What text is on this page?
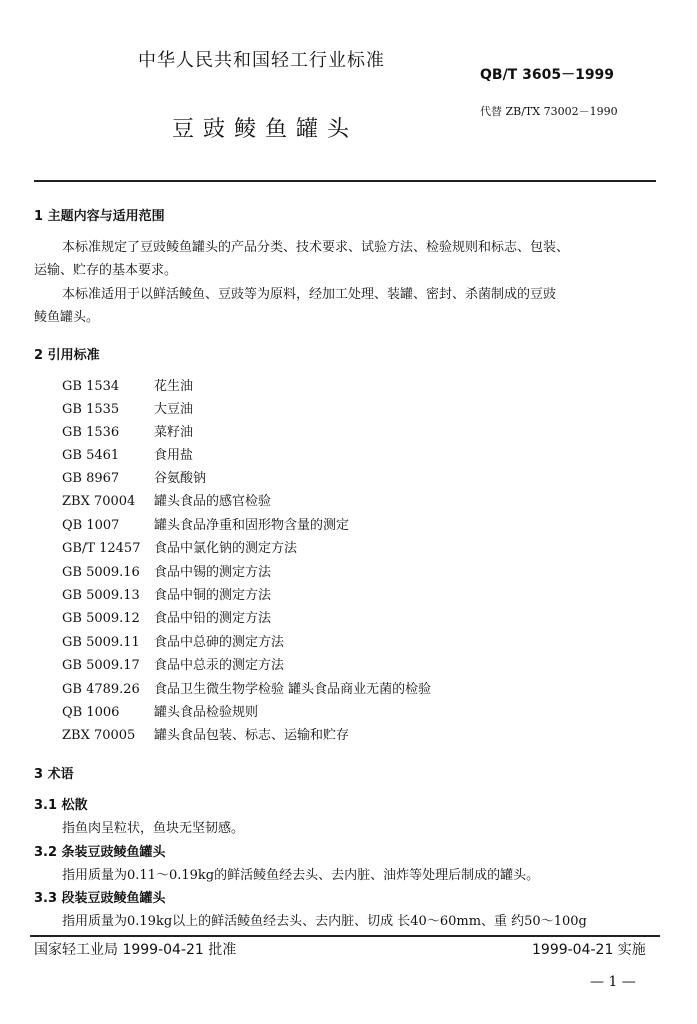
中华人民共和国轻工行业标准
QB/T 3605－1999
代替 ZB/TX 73002－1990
豆豉鲮鱼罐头
1 主题内容与适用范围
本标准规定了豆豉鲮鱼罐头的产品分类、技术要求、试验方法、检验规则和标志、包装、
运输、贮存的基本要求。
本标准适用于以鲜活鲮鱼、豆豉等为原料，经加工处理、装罐、密封、杀菌制成的豆豉
鲮鱼罐头。
2 引用标准
GB 1534	花生油
GB 1535	大豆油
GB 1536	菜籽油
GB 5461	食用盐
GB 8967	谷氨酸钠
ZBX 70004 罐头食品的感官检验
QB 1007	罐头食品净重和固形物含量的测定
GB/T 12457 食品中氯化钠的测定方法
GB 5009.16 食品中锡的测定方法
GB 5009.13 食品中铜的测定方法
GB 5009.12 食品中铅的测定方法
GB 5009.11 食品中总砷的测定方法
GB 5009.17 食品中总汞的测定方法
GB 4789.26 食品卫生微生物学检验 罐头食品商业无菌的检验
QB 1006	罐头食品检验规则
ZBX 70005 罐头食品包装、标志、运输和贮存
3 术语
3.1 松散
指鱼肉呈粒状，鱼块无坚韧感。
3.2 条装豆豉鲮鱼罐头
指用质量为0.11～0.19kg的鲜活鲮鱼经去头、去内脏、油炸等处理后制成的罐头。
3.3 段装豆豉鲮鱼罐头
指用质量为0.19kg以上的鲜活鲮鱼经去头、去内脏、切成 长40～60mm、重 约50～100g
国家轻工业局 1999-04-21 批准	1999-04-21 实施
— 1 —
